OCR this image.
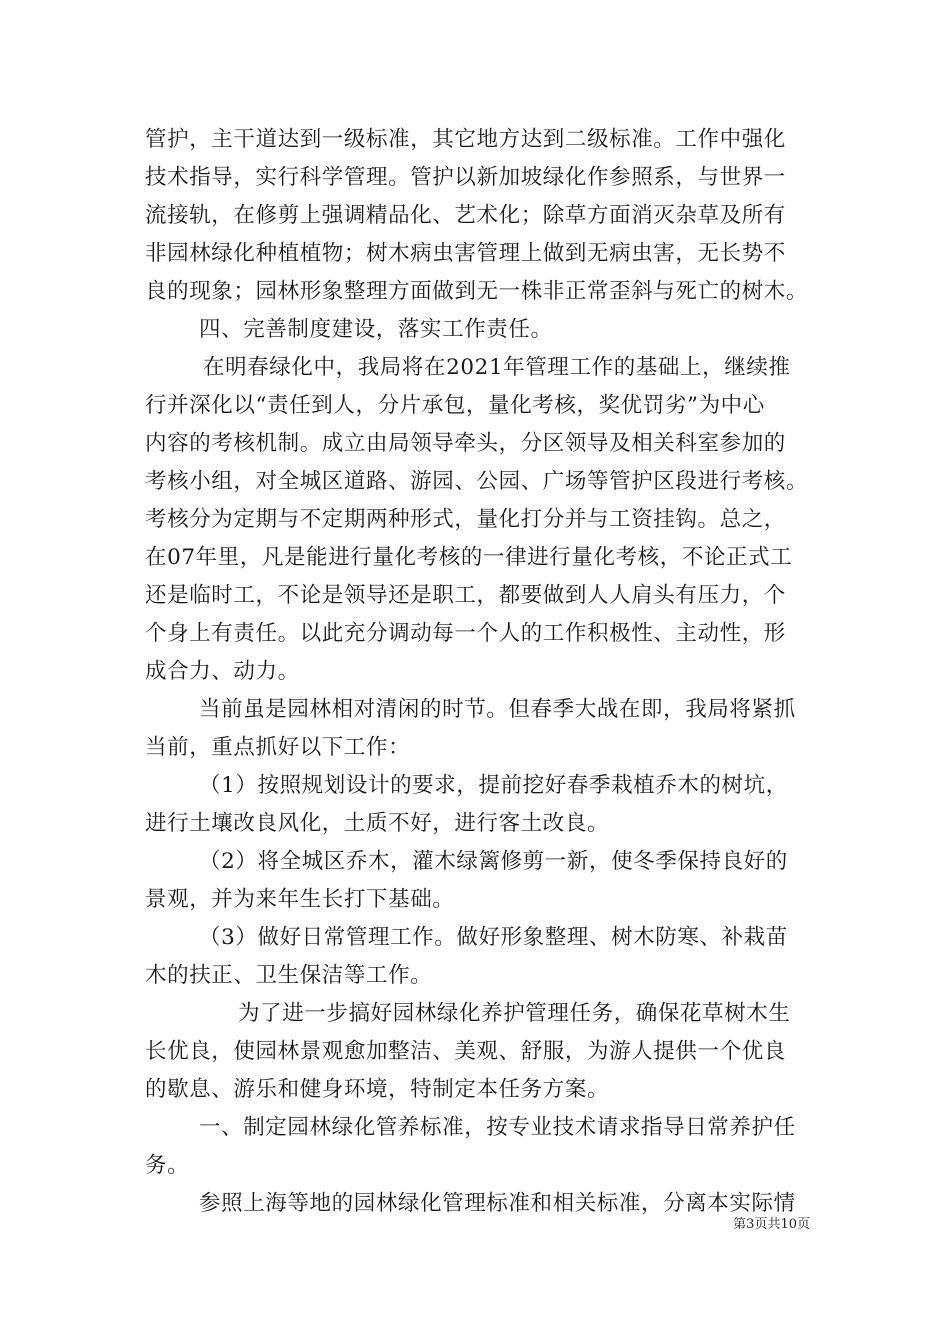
管护，主干道达到一级标准，其它地方达到二级标准。工作中强化
技术指导，实行科学管理。管护以新加坡绿化作参照系，与世界一
流接轨，在修剪上强调精品化、艺术化；除草方面消灭杂草及所有
非园林绿化种植植物；树木病虫害管理上做到无病虫害，无长势不
良的现象；园林形象整理方面做到无一株非正常歪斜与死亡的树木。
四、完善制度建设，落实工作责任。
在明春绿化中，我局将在2021年管理工作的基础上，继续推
行并深化以“责任到人，分片承包，量化考核，奖优罚劣”为中心
内容的考核机制。成立由局领导牵头，分区领导及相关科室参加的
考核小组，对全城区道路、游园、公园、广场等管护区段进行考核。
考核分为定期与不定期两种形式，量化打分并与工资挂钩。总之，
在07年里，凡是能进行量化考核的一律进行量化考核，不论正式工
还是临时工，不论是领导还是职工，都要做到人人肩头有压力，个
个身上有责任。以此充分调动每一个人的工作积极性、主动性，形
成合力、动力。
当前虽是园林相对清闲的时节。但春季大战在即，我局将紧抓
当前，重点抓好以下工作：
（1）按照规划设计的要求，提前挖好春季栽植乔木的树坑，
进行土壤改良风化，土质不好，进行客土改良。
（2）将全城区乔木，灌木绿篱修剪一新，使冬季保持良好的
景观，并为来年生长打下基础。
（3）做好日常管理工作。做好形象整理、树木防寒、补栽苗
木的扶正、卫生保洁等工作。
为了进一步搞好园林绿化养护管理任务，确保花草树木生
长优良，使园林景观愈加整洁、美观、舒服，为游人提供一个优良
的歇息、游乐和健身环境，特制定本任务方案。
一、制定园林绿化管养标准，按专业技术请求指导日常养护任
务。
参照上海等地的园林绿化管理标准和相关标准，分离本实际情
第3页共10页
